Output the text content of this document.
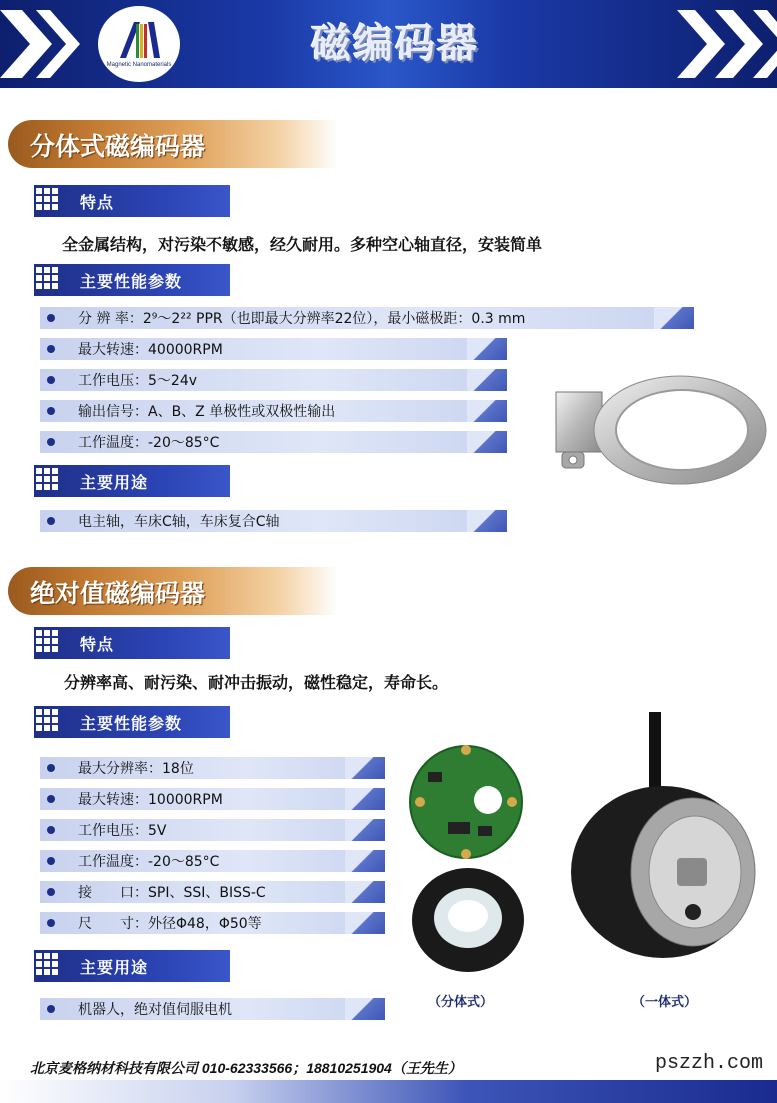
Magnetic Nanomaterials	磁编码器
分体式磁编码器
特点
全金属结构，对污染不敏感，经久耐用。多种空心轴直径，安装简单
主要性能参数
分 辨 率：2⁹～2²² PPR（也即最大分辨率22位），最小磁极距：0.3 mm
最大转速：40000RPM
工作电压：5～24v
输出信号：A、B、Z 单极性或双极性输出
工作温度：-20～85°C
主要用途
电主轴，车床C轴，车床复合C轴
绝对值磁编码器
特点
分辨率高、耐污染、耐冲击振动，磁性稳定，寿命长。
主要性能参数
最大分辨率：18位
最大转速：10000RPM
工作电压：5V
工作温度：-20～85°C
接　　口：SPI、SSI、BISS-C
尺　　寸：外径Φ48，Φ50等
主要用途
机器人，绝对值伺服电机	（分体式）	（一体式）
北京麦格纳材科技有限公司 010-62333566；18810251904（王先生）	pszzh.com
